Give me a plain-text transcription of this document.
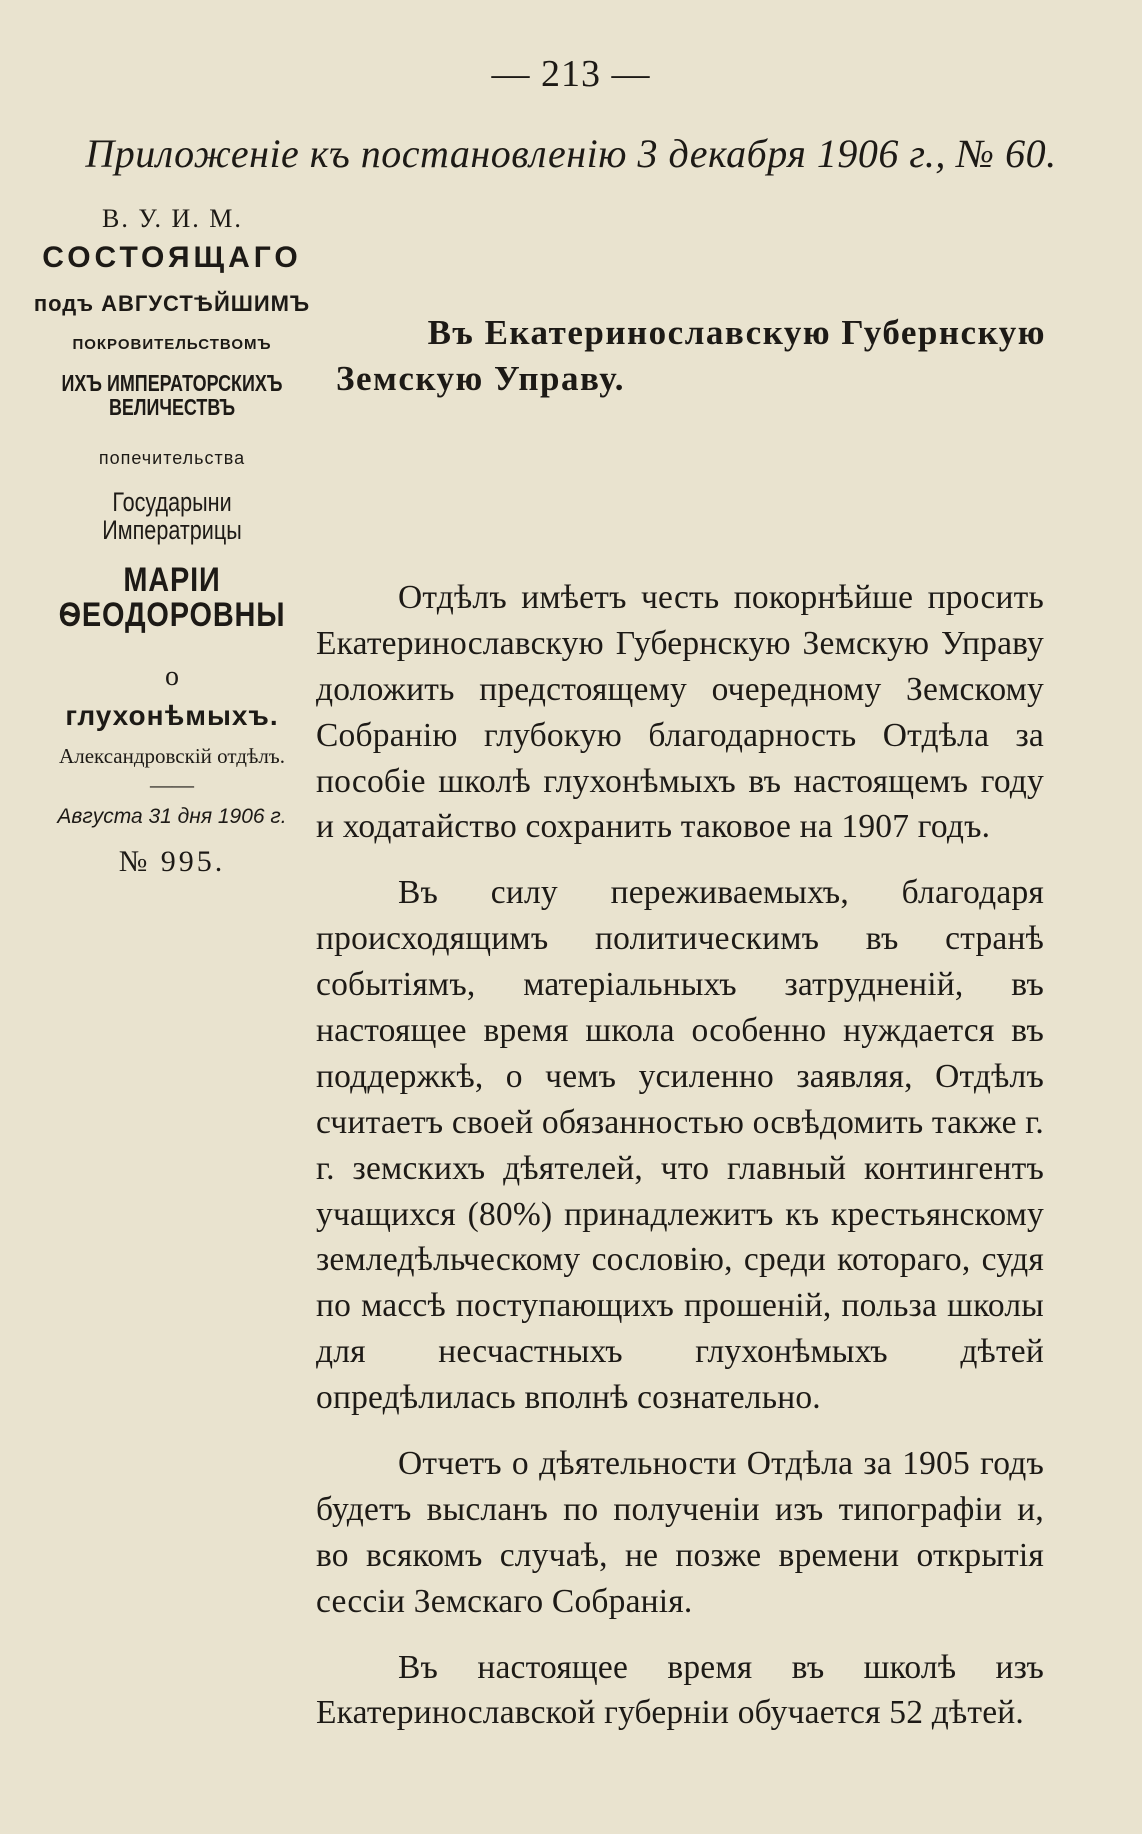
— 213 —
Приложенiе къ постановленiю 3 декабря 1906 г., № 60.
В. У. И. М.
СОСТОЯЩАГО
подъ АВГУСТѢЙШИМЪ
ПОКРОВИТЕЛЬСТВОМЪ
ИХЪ ИМПЕРАТОРСКИХЪ ВЕЛИЧЕСТВЪ
попечительства
Государыни Императрицы
МАРІИ ѲЕОДОРОВНЫ
о
глухонѣмыхъ.
Александровскiй отдѣлъ.
——
Августа 31 дня 1906 г.
№ 995.
Въ Екатеринославскую Губернскую
Земскую Управу.

Отдѣлъ имѣетъ честь покорнѣйше просить Екатеринославскую Губернскую Земскую Управу доложить предстоящему очередному Земскому Собранiю глубокую благодарность Отдѣла за пособiе школѣ глухонѣмыхъ въ настоящемъ году и ходатайство сохранить таковое на 1907 годъ.

Въ силу переживаемыхъ, благодаря происходящимъ политическимъ въ странѣ событiямъ, матерiальныхъ затрудненiй, въ настоящее время школа особенно нуждается въ поддержкѣ, о чемъ усиленно заявляя, Отдѣлъ считаетъ своей обязанностью освѣдомить также г. г. земскихъ дѣятелей, что главный контингентъ учащихся (80%) принадлежитъ къ крестьянскому земледѣльческому сословiю, среди котораго, судя по массѣ поступающихъ прошенiй, польза школы для несчастныхъ глухонѣмыхъ дѣтей опредѣлилась вполнѣ сознательно.

Отчетъ о дѣятельности Отдѣла за 1905 годъ будетъ высланъ по полученiи изъ типографiи и, во всякомъ случаѣ, не позже времени открытiя сессiи Земскаго Собранiя.

Въ настоящее время въ школѣ изъ Екатеринославской губернiи обучается 52 дѣтей.
